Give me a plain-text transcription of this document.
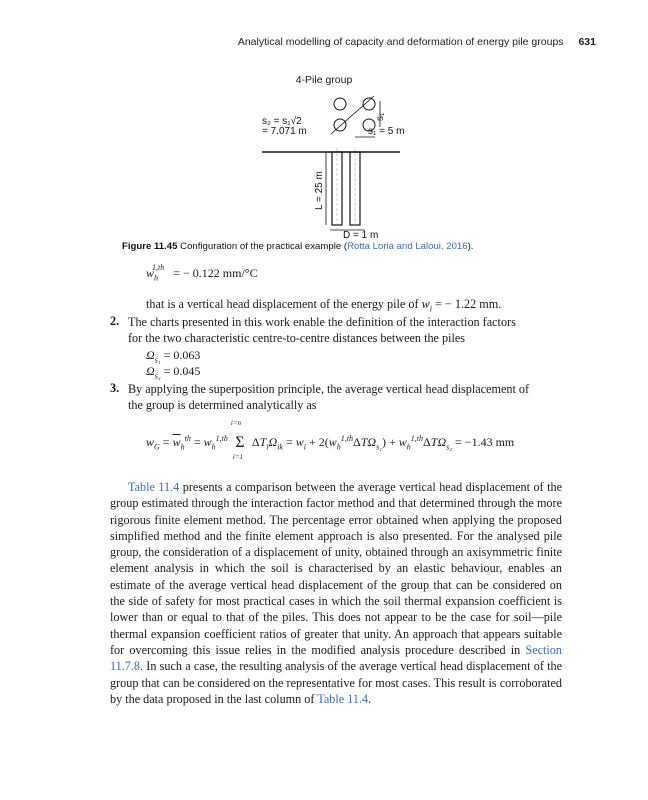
Analytical modelling of capacity and deformation of energy pile groups 631
4-Pile group
s₁
s₂ = s₁√2
= 7.071 m	s₁ = 5 m
L = 25 m
D = 1 m
Figure 11.45 Configuration of the practical example (Rotta Loria and Laloui, 2016).
$w_h^{1,th}$ = − 0.122 mm/°C
that is a vertical head displacement of the energy pile of $w_i$ = − 1.22 mm.
2. The charts presented in this work enable the definition of the interaction factors
for the two characteristic centre-to-centre distances between the piles
$\Omega_{s_1} = 0.063$
$\Omega_{s_2} = 0.045$
3. By applying the superposition principle, the average vertical head displacement of
the group is determined analytically as
$w_G = \overline{w}_h^{th} = w_h^{1,th}$
i=n
Σ
i=1
$\Delta T_i\Omega_{ik} = w_i + 2(w_h^{1,th}\Delta T\Omega_{s_1}) + w_h^{1,th}\Delta T\Omega_{s_2} = -1.43$ mm
Table 11.4 presents a comparison between the average vertical head displacement of the group estimated through the interaction factor method and that determined through the more rigorous finite element method. The percentage error obtained when applying the proposed simplified method and the finite element approach is also presented. For the analysed pile group, the consideration of a displacement of unity, obtained through an axisymmetric finite element analysis in which the soil is characterised by an elastic behaviour, enables an estimate of the average vertical head displacement of the group that can be considered on the side of safety for most practical cases in which the soil thermal expansion coefficient is lower than or equal to that of the piles. This does not appear to be the case for soil—pile thermal expansion coefficient ratios of greater that unity. An approach that appears suitable for overcoming this issue relies in the modified analysis procedure described in Section 11.7.8. In such a case, the resulting analysis of the average vertical head displacement of the group that can be considered on the representative for most cases. This result is corroborated by the data proposed in the last column of Table 11.4.
